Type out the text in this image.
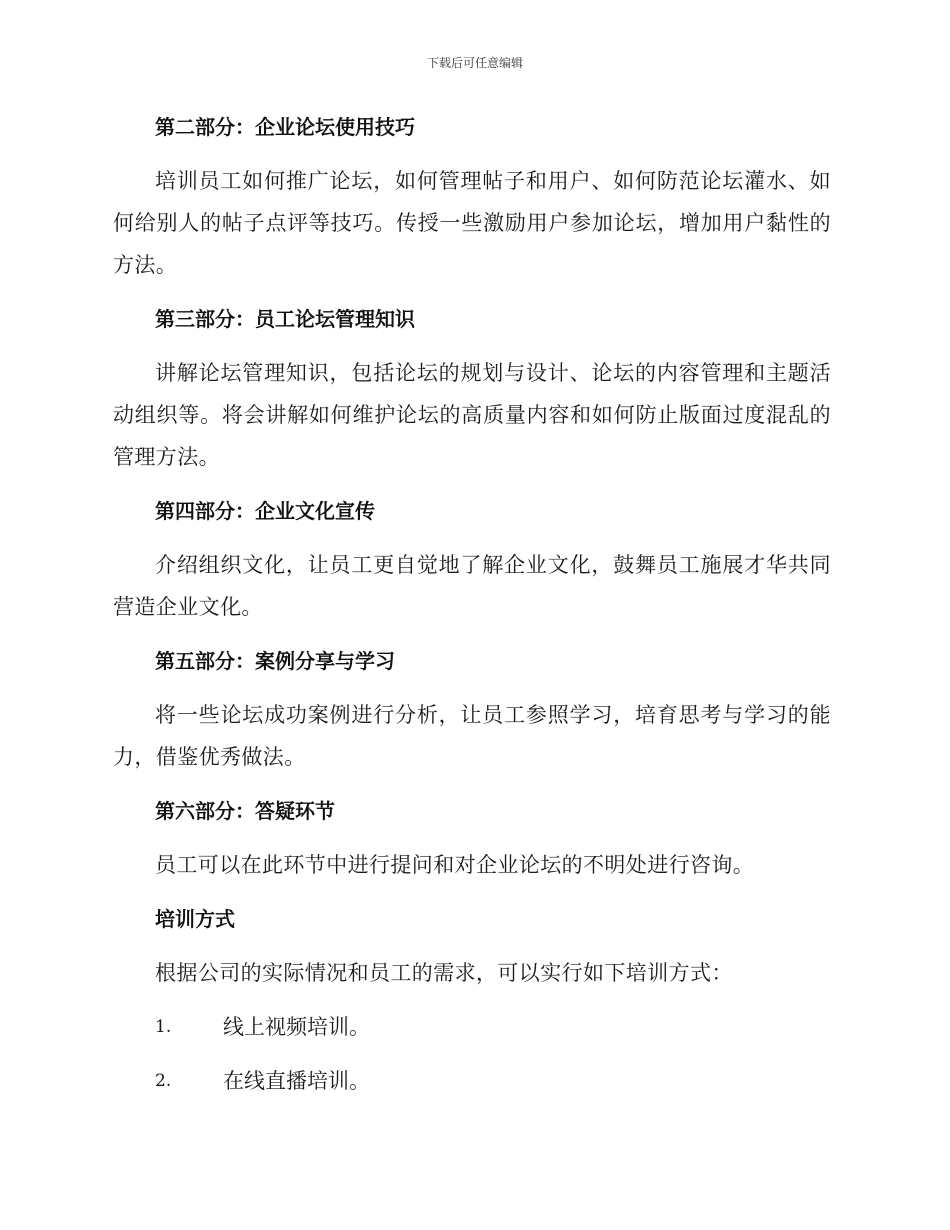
下载后可任意编辑
第二部分：企业论坛使用技巧
培训员工如何推广论坛，如何管理帖子和用户、如何防范论坛灌水、如何给别人的帖子点评等技巧。传授一些激励用户参加论坛，增加用户黏性的方法。
第三部分：员工论坛管理知识
讲解论坛管理知识，包括论坛的规划与设计、论坛的内容管理和主题活动组织等。将会讲解如何维护论坛的高质量内容和如何防止版面过度混乱的管理方法。
第四部分：企业文化宣传
介绍组织文化，让员工更自觉地了解企业文化，鼓舞员工施展才华共同营造企业文化。
第五部分：案例分享与学习
将一些论坛成功案例进行分析，让员工参照学习，培育思考与学习的能力，借鉴优秀做法。
第六部分：答疑环节
员工可以在此环节中进行提问和对企业论坛的不明处进行咨询。
培训方式
根据公司的实际情况和员工的需求，可以实行如下培训方式：
1.	线上视频培训。
2.	在线直播培训。
